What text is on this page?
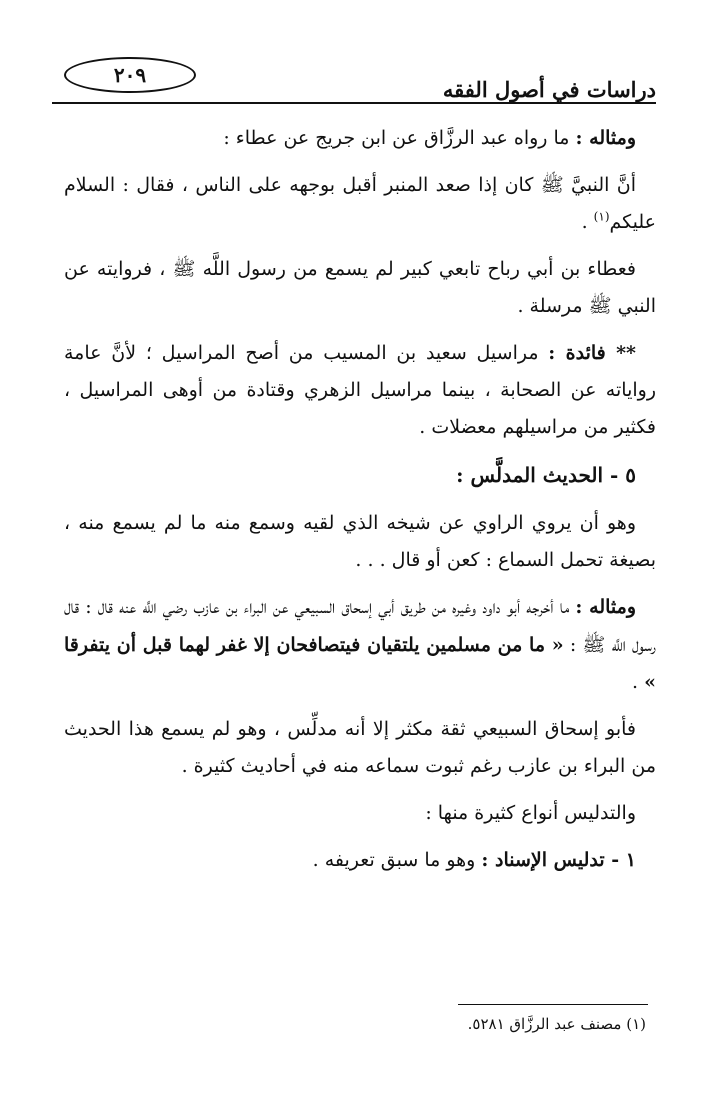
دراسات في أصول الفقه
٢٠٩

ومثاله : ما رواه عبد الرزَّاق عن ابن جريج عن عطاء :

أنَّ النبيَّ ﷺ كان إذا صعد المنبر أقبل بوجهه على الناس ، فقال : السلام عليكم$^{(١)}$ .

فعطاء بن أبي رباح تابعي كبير لم يسمع من رسول اللَّه ﷺ ، فروايته عن النبي ﷺ مرسلة .

** فائدة : مراسيل سعيد بن المسيب من أصح المراسيل ؛ لأنَّ عامة رواياته عن الصحابة ، بينما مراسيل الزهري وقتادة من أوهى المراسيل ، فكثير من مراسيلهم معضلات .

٥ - الحديث المدلَّس :

وهو أن يروي الراوي عن شيخه الذي لقيه وسمع منه ما لم يسمع منه ، بصيغة تحمل السماع : كعن أو قال . . .

ومثاله : ما أخرجه أبو داود وغيره من طريق أبي إسحاق السبيعي عن البراء بن عازب رضي اللَّه عنه قال : قال رسول اللَّه ﷺ : « ما من مسلمين يلتقيان فيتصافحان إلا غفر لهما قبل أن يتفرقا » .

فأبو إسحاق السبيعي ثقة مكثر إلا أنه مدلِّس ، وهو لم يسمع هذا الحديث من البراء بن عازب رغم ثبوت سماعه منه في أحاديث كثيرة .

والتدليس أنواع كثيرة منها :

١ - تدليس الإسناد : وهو ما سبق تعريفه .

(١) مصنف عبد الرزَّاق ٥٢٨١.
